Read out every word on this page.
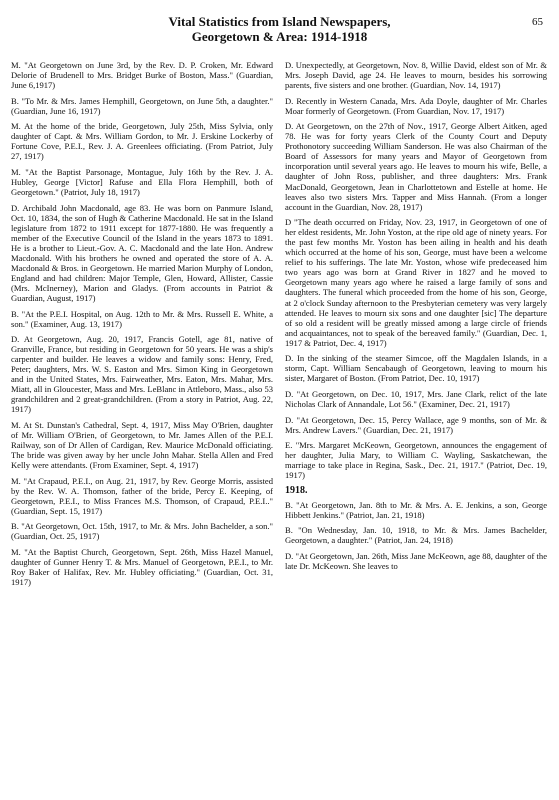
Vital Statistics from Island Newspapers,
Georgetown & Area: 1914-1918
65

M. "At Georgetown on June 3rd, by the Rev. D. P. Croken, Mr. Edward Delorie of Brudenell to Mrs. Bridget Burke of Boston, Mass." (Guardian, June 6,1917)

B. "To Mr. & Mrs. James Hemphill, Georgetown, on June 5th, a daughter." (Guardian, June 16, 1917)

M. At the home of the bride, Georgetown, July 25th, Miss Sylvia, only daughter of Capt. & Mrs. William Gordon, to Mr. J. Erskine Lockerby of Fortune Cove, P.E.I., Rev. J. A. Greenlees officiating. (From Patriot, July 27, 1917)

M. "At the Baptist Parsonage, Montague, July 16th by the Rev. J. A. Hubley, George [Victor] Rafuse and Ella Flora Hemphill, both of Georgetown." (Patriot, July 18, 1917)

D. Archibald John Macdonald, age 83. He was born on Panmure Island, Oct. 10, 1834, the son of Hugh & Catherine Macdonald. He sat in the Island legislature from 1872 to 1911 except for 1877-1880. He was frequently a member of the Executive Council of the Island in the years 1873 to 1891. He is a brother to Lieut.-Gov. A. C. Macdonald and the late Hon. Andrew Macdonald. With his brothers he owned and operated the store of A. A. Macdonald & Bros. in Georgetown. He married Marion Murphy of London, England and had children: Major Temple, Glen, Howard, Allister, Cassie (Mrs. McInerney), Marion and Gladys. (From accounts in Patriot & Guardian, August, 1917)

B. "At the P.E.I. Hospital, on Aug. 12th to Mr. & Mrs. Russell E. White, a son." (Examiner, Aug. 13, 1917)

D. At Georgetown, Aug. 20, 1917, Francis Gotell, age 81, native of Granville, France, but residing in Georgetown for 50 years. He was a ship's carpenter and builder. He leaves a widow and family sons: Henry, Fred, Peter; daughters, Mrs. W. S. Easton and Mrs. Simon King in Georgetown and in the United States, Mrs. Fairweather, Mrs. Eaton, Mrs. Mahar, Mrs. Miatt, all in Gloucester, Mass and Mrs. LeBlanc in Attleboro, Mass., also 53 grandchildren and 2 great-grandchildren. (From a story in Patriot, Aug. 22, 1917)

M. At St. Dunstan's Cathedral, Sept. 4, 1917, Miss May O'Brien, daughter of Mr. William O'Brien, of Georgetown, to Mr. James Allen of the P.E.I. Railway, son of Dr Allen of Cardigan, Rev. Maurice McDonald officiating. The bride was given away by her uncle John Mahar. Stella Allen and Fred Kelly were attendants. (From Examiner, Sept. 4, 1917)

M. "At Crapaud, P.E.I., on Aug. 21, 1917, by Rev. George Morris, assisted by the Rev. W. A. Thomson, father of the bride, Percy E. Keeping, of Georgetown, P.E.I., to Miss Frances M.S. Thomson, of Crapaud, P.E.I.." (Guardian, Sept. 15, 1917)

B. "At Georgetown, Oct. 15th, 1917, to Mr. & Mrs. John Bachelder, a son." (Guardian, Oct. 25, 1917)

M. "At the Baptist Church, Georgetown, Sept. 26th, Miss Hazel Manuel, daughter of Gunner Henry T. & Mrs. Manuel of Georgetown, P.E.I., to Mr. Roy Baker of Halifax, Rev. Mr. Hubley officiating." (Guardian, Oct. 31, 1917)

D. Unexpectedly, at Georgetown, Nov. 8, Willie David, eldest son of Mr. & Mrs. Joseph David, age 24. He leaves to mourn, besides his sorrowing parents, five sisters and one brother. (Guardian, Nov. 14, 1917)

D. Recently in Western Canada, Mrs. Ada Doyle, daughter of Mr. Charles Moar formerly of Georgetown. (From Guardian, Nov. 17, 1917)

D. At Georgetown, on the 27th of Nov., 1917, George Albert Aitken, aged 78. He was for forty years Clerk of the County Court and Deputy Prothonotory succeeding William Sanderson. He was also Chairman of the Board of Assessors for many years and Mayor of Georgetown from incorporation until several years ago. He leaves to mourn his wife, Belle, a daughter of John Ross, publisher, and three daughters: Mrs. Frank MacDonald, Georgetown, Jean in Charlottetown and Estelle at home. He leaves also two sisters Mrs. Tapper and Miss Hannah. (From a longer account in the Guardian, Nov. 28, 1917)

D "The death occurred on Friday, Nov. 23, 1917, in Georgetown of one of her eldest residents, Mr. John Yoston, at the ripe old age of ninety years. For the past few months Mr. Yoston has been ailing in health and his death which occurred at the home of his son, George, must have been a welcome relief to his sufferings. The late Mr. Yoston, whose wife predeceased him two years ago was born at Grand River in 1827 and he moved to Georgetown many years ago where he raised a large family of sons and daughters. The funeral which proceeded from the home of his son, George, at 2 o'clock Sunday afternoon to the Presbyterian cemetery was very largely attended. He leaves to mourn six sons and one daughter [sic] The departure of so old a resident will be greatly missed among a large circle of friends and acquaintances, not to speak of the bereaved family." (Guardian, Dec. 1, 1917 & Patriot, Dec. 4, 1917)

D. In the sinking of the steamer Simcoe, off the Magdalen Islands, in a storm, Capt. William Sencabaugh of Georgetown, leaving to mourn his sister, Margaret of Boston. (From Patriot, Dec. 10, 1917)

D. "At Georgetown, on Dec. 10, 1917, Mrs. Jane Clark, relict of the late Nicholas Clark of Annandale, Lot 56." (Examiner, Dec. 21, 1917)

D. "At Georgetown, Dec. 15, Percy Wallace, age 9 months, son of Mr. & Mrs. Andrew Lavers." (Guardian, Dec. 21, 1917)

E. "Mrs. Margaret McKeown, Georgetown, announces the engagement of her daughter, Julia Mary, to William C. Wayling, Saskatchewan, the marriage to take place in Regina, Sask., Dec. 21, 1917." (Patriot, Dec. 19, 1917)

1918.

B. "At Georgetown, Jan. 8th to Mr. & Mrs. A. E. Jenkins, a son, George Hibbett Jenkins." (Patriot, Jan. 21, 1918)

B. "On Wednesday, Jan. 10, 1918, to Mr. & Mrs. James Bachelder, Georgetown, a daughter." (Patriot, Jan. 24, 1918)

D. "At Georgetown, Jan. 26th, Miss Jane McKeown, age 88, daughter of the late Dr. McKeown. She leaves to
